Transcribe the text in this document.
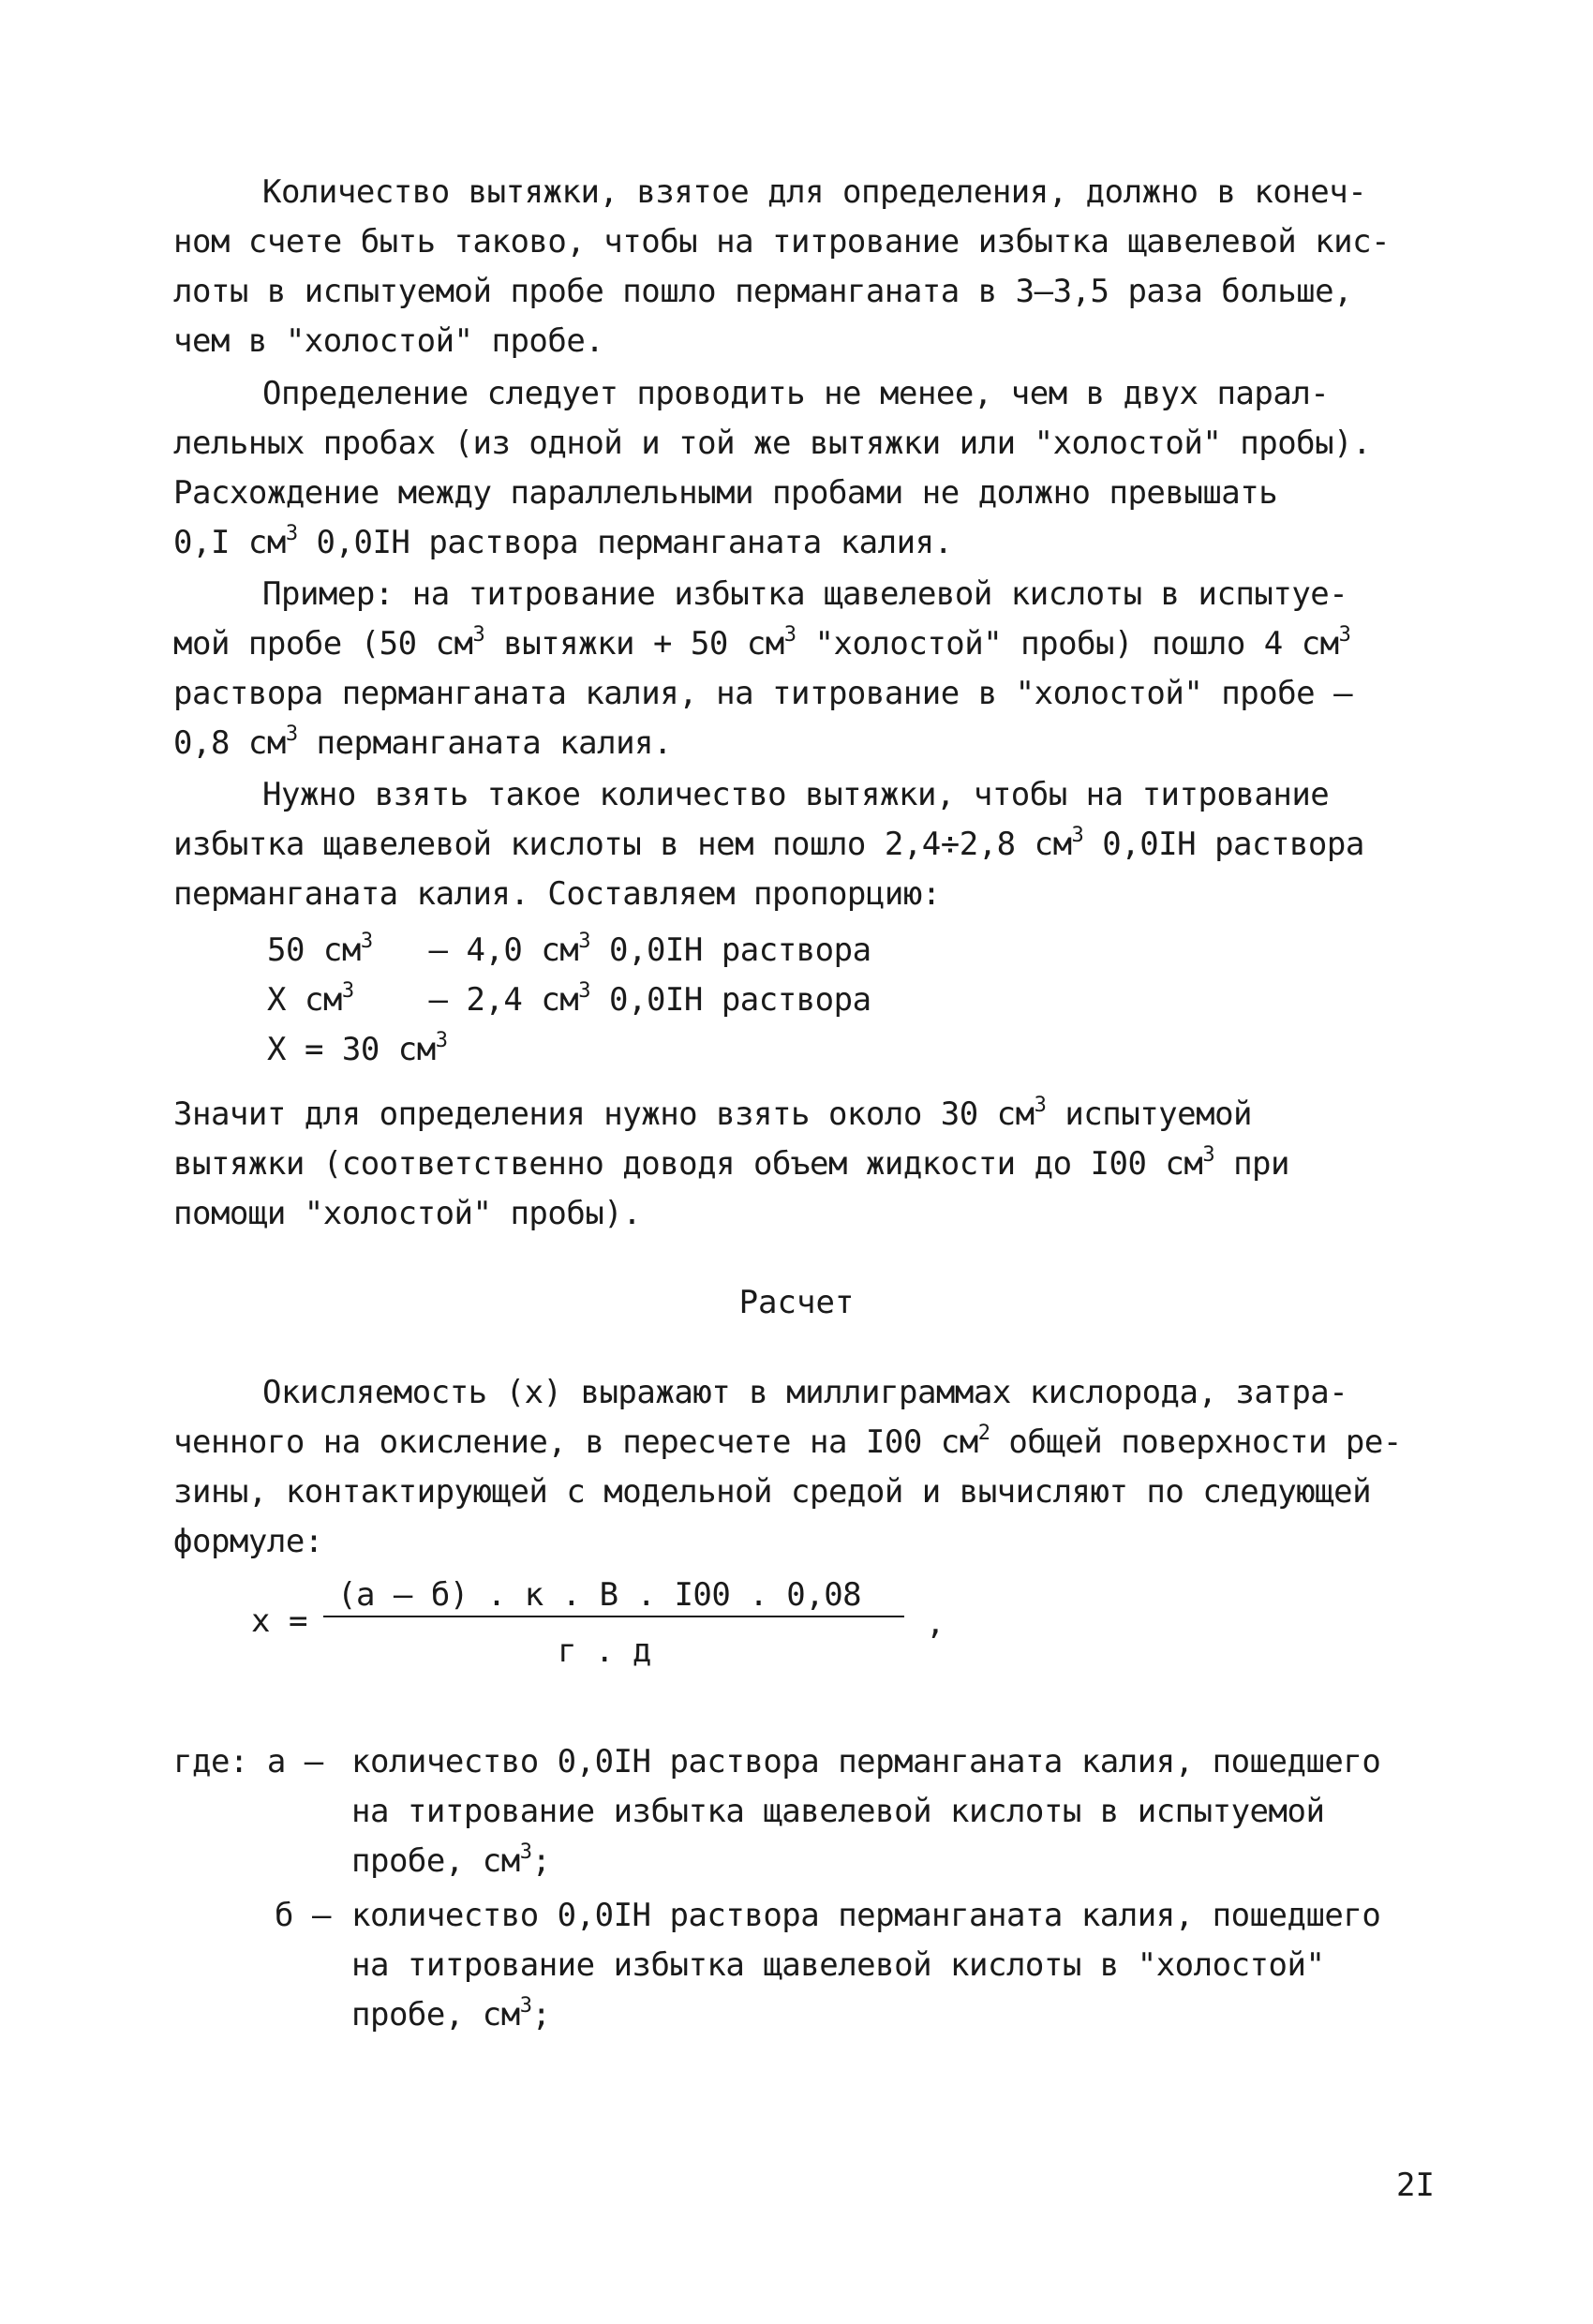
Количество вытяжки, взятое для определения, должно в конеч-
ном счете быть таково, чтобы на титрование избытка щавелевой кис-
лоты в испытуемой пробе пошло перманганата в 3–3,5 раза больше,
чем в "холостой" пробе.
Определение следует проводить не менее, чем в двух парал-
лельных пробах (из одной и той же вытяжки или "холостой" пробы).
Расхождение между параллельными пробами не должно превышать
0,I $см^3$ 0,0IН раствора перманганата калия.
Пример: на титрование избытка щавелевой кислоты в испытуе-
мой пробе (50 $см^3$ вытяжки + 50 $см^3$ "холостой" пробы) пошло 4 $см^3$
раствора перманганата калия, на титрование в "холостой" пробе –
0,8 $см^3$ перманганата калия.
Нужно взять такое количество вытяжки, чтобы на титрование
избытка щавелевой кислоты в нем пошло 2,4÷2,8 $см^3$ 0,0IН раствора
перманганата калия. Составляем пропорцию:
50 $см^3 - 4,0$ $см^3$ 0,0IН раствора
Х $см^3$    – 2,4 $см^3$ 0,0IН раствора
Х = 30 $см^3$
Значит для определения нужно взять около 30 $см^3$ испытуемой
вытяжки (соответственно доводя объем жидкости до I00 $см^3$ при
помощи "холостой" пробы).
Расчет
Окисляемость (х) выражают в миллиграммах кислорода, затра-
ченного на окисление, в пересчете на I00 $см^2$ общей поверхности ре-
зины, контактирующей с модельной средой и вычисляют по следующей
формуле:
х =
(а – б) . к . В . I00 . 0,08
г . д
,
где: а – количество 0,0IН раствора перманганата калия, пошедшего
на титрование избытка щавелевой кислоты в испытуемой
пробе, $см^3$;
б – количество 0,0IН раствора перманганата калия, пошедшего
на титрование избытка щавелевой кислоты в "холостой"
пробе, $см^3$;
2I
